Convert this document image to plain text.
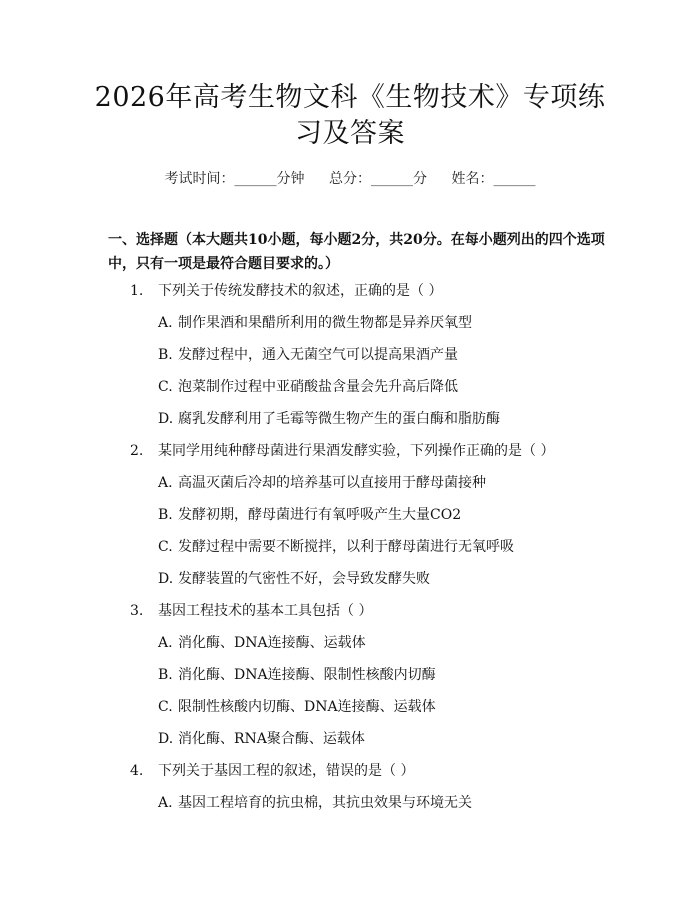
2026年高考生物文科《生物技术》专项练习及答案
考试时间：______分钟 总分：______分 姓名：______
一、选择题（本大题共10小题，每小题2分，共20分。在每小题列出的四个选项中，只有一项是最符合题目要求的。）
1. 下列关于传统发酵技术的叙述，正确的是（ ）
A. 制作果酒和果醋所利用的微生物都是异养厌氧型
B. 发酵过程中，通入无菌空气可以提高果酒产量
C. 泡菜制作过程中亚硝酸盐含量会先升高后降低
D. 腐乳发酵利用了毛霉等微生物产生的蛋白酶和脂肪酶
2. 某同学用纯种酵母菌进行果酒发酵实验，下列操作正确的是（ ）
A. 高温灭菌后冷却的培养基可以直接用于酵母菌接种
B. 发酵初期，酵母菌进行有氧呼吸产生大量CO2
C. 发酵过程中需要不断搅拌，以利于酵母菌进行无氧呼吸
D. 发酵装置的气密性不好，会导致发酵失败
3. 基因工程技术的基本工具包括（ ）
A. 消化酶、DNA连接酶、运载体
B. 消化酶、DNA连接酶、限制性核酸内切酶
C. 限制性核酸内切酶、DNA连接酶、运载体
D. 消化酶、RNA聚合酶、运载体
4. 下列关于基因工程的叙述，错误的是（ ）
A. 基因工程培育的抗虫棉，其抗虫效果与环境无关
